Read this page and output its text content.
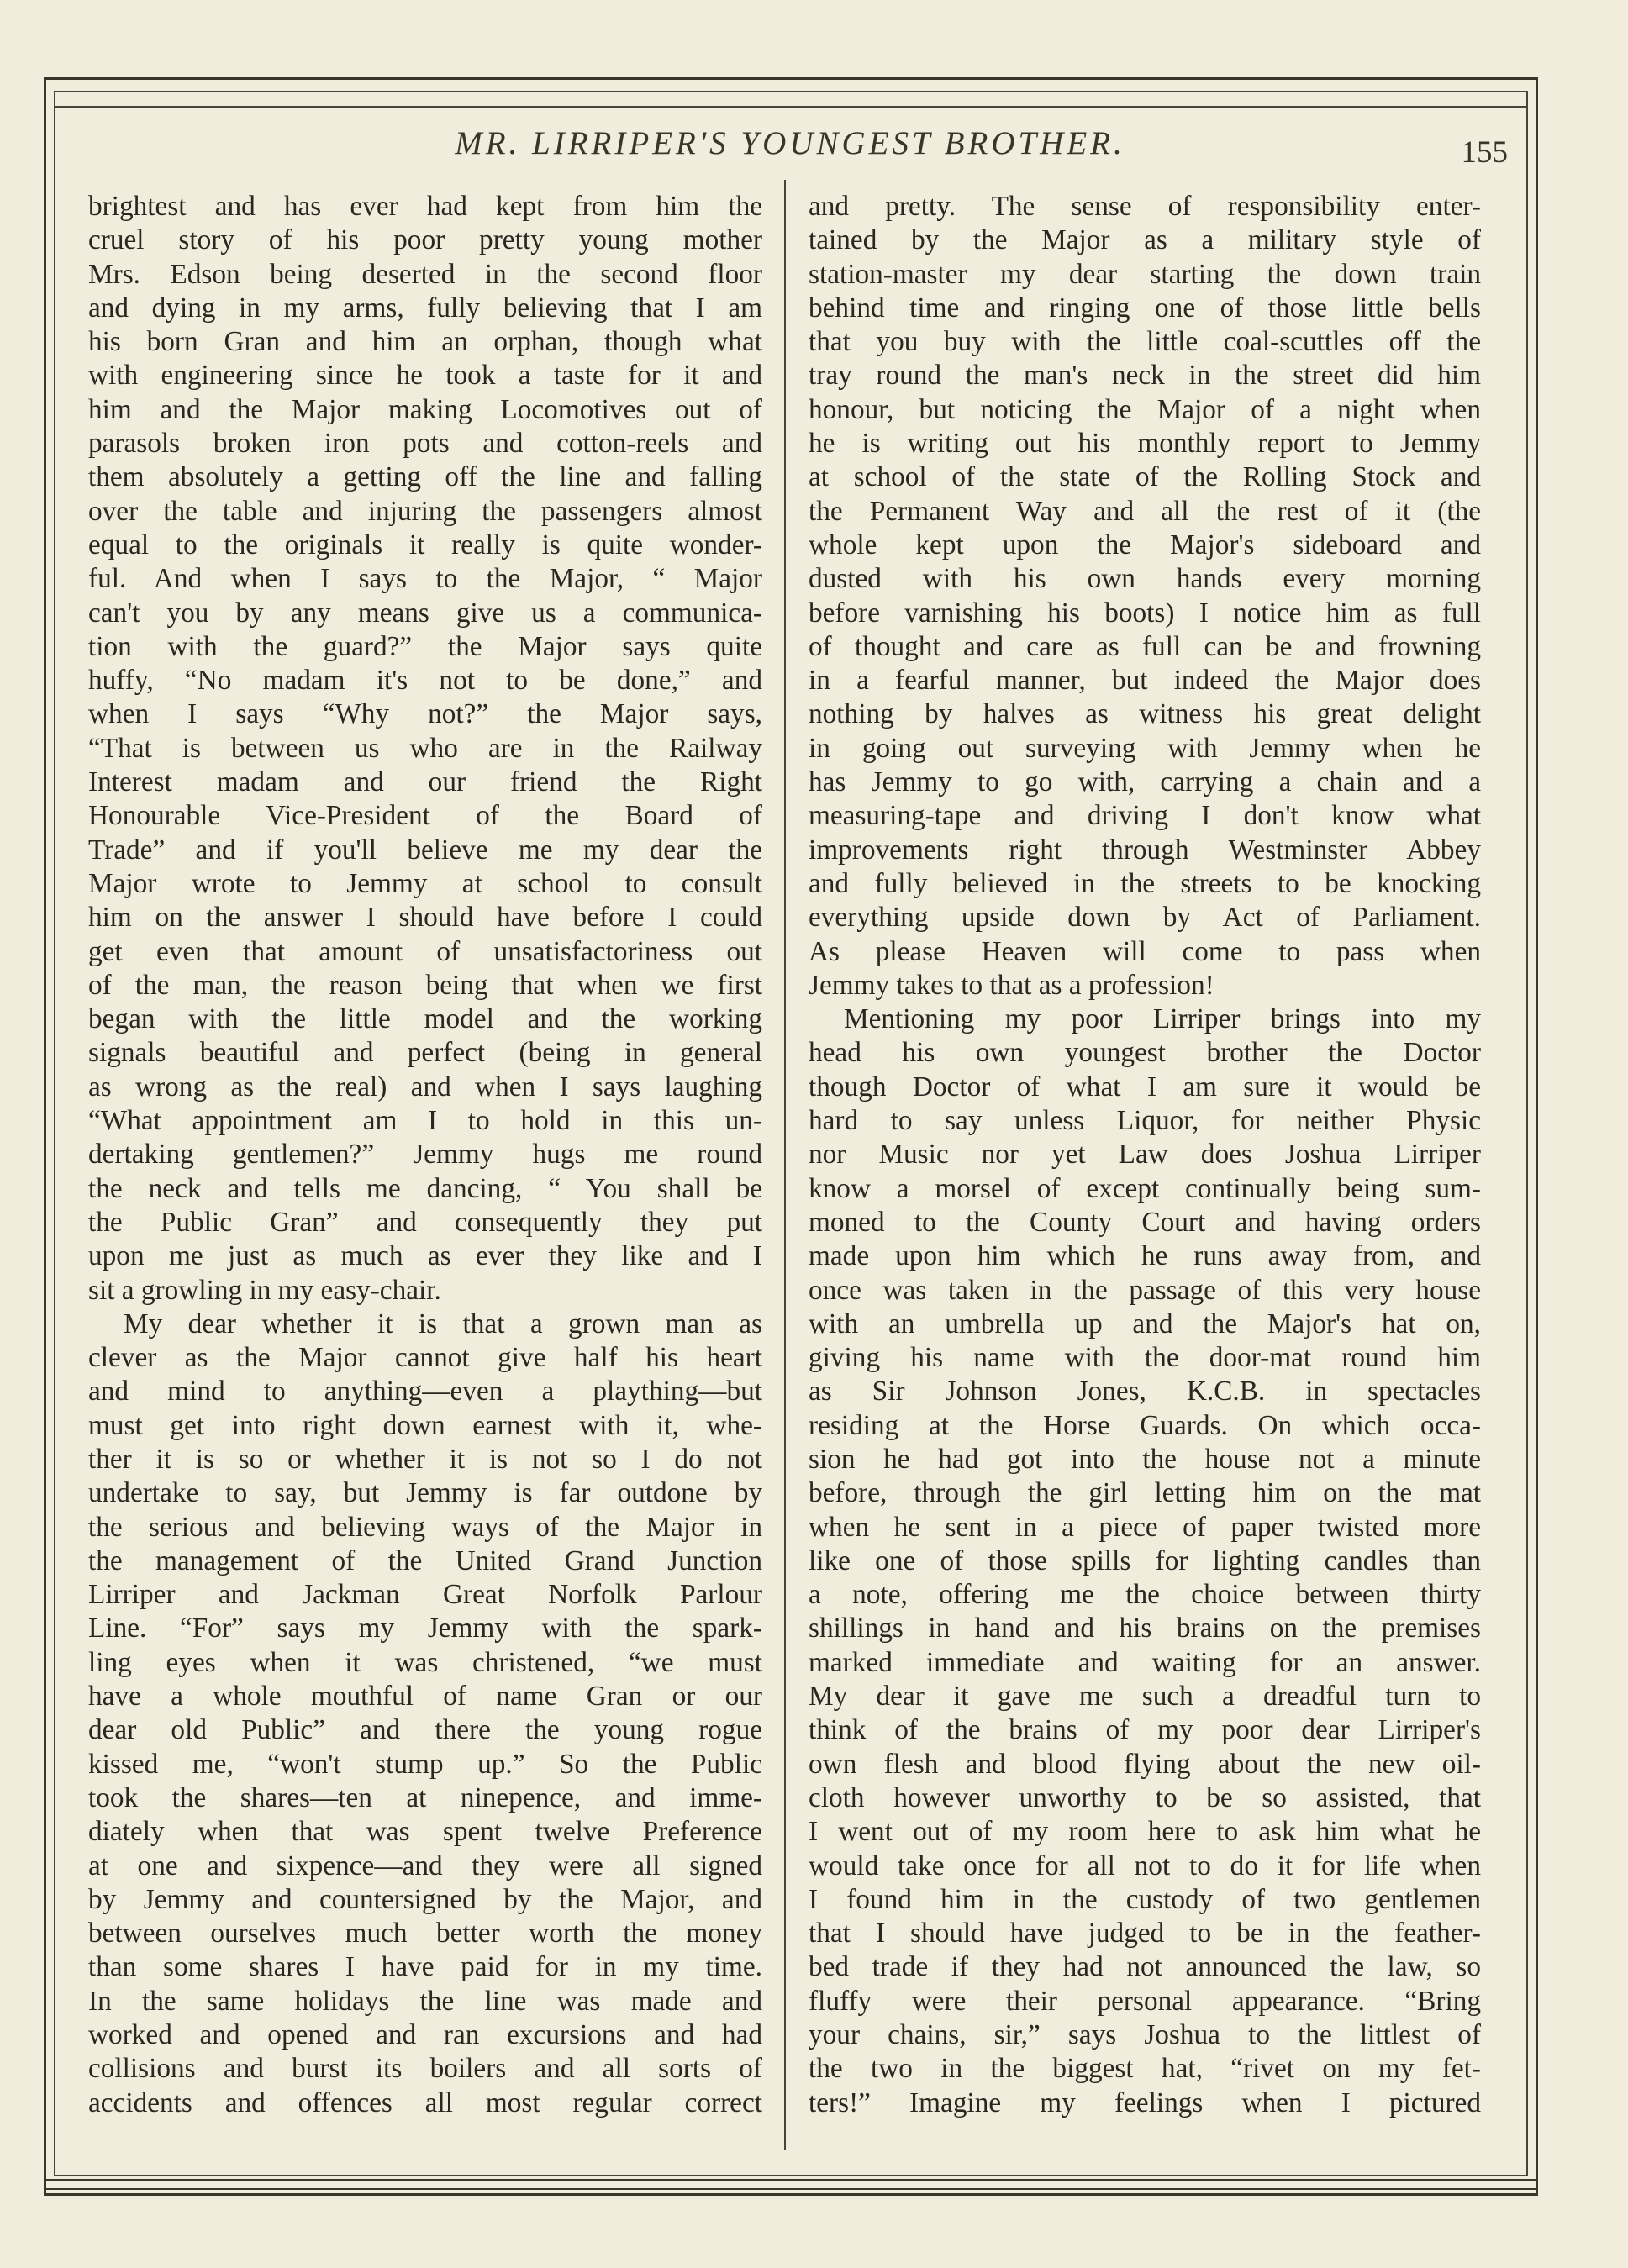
MR. LIRRIPER'S YOUNGEST BROTHER.	155
brightest and has ever had kept from him the
cruel story of his poor pretty young mother
Mrs. Edson being deserted in the second floor
and dying in my arms, fully believing that I am
his born Gran and him an orphan, though what
with engineering since he took a taste for it and
him and the Major making Locomotives out of
parasols broken iron pots and cotton-reels and
them absolutely a getting off the line and falling
over the table and injuring the passengers almost
equal to the originals it really is quite wonder-
ful. And when I says to the Major, “ Major
can't you by any means give us a communica-
tion with the guard?” the Major says quite
huffy, “No madam it's not to be done,” and
when I says “Why not?” the Major says,
“That is between us who are in the Railway
Interest madam and our friend the Right
Honourable Vice-President of the Board of
Trade” and if you'll believe me my dear the
Major wrote to Jemmy at school to consult
him on the answer I should have before I could
get even that amount of unsatisfactoriness out
of the man, the reason being that when we first
began with the little model and the working
signals beautiful and perfect (being in general
as wrong as the real) and when I says laughing
“What appointment am I to hold in this un-
dertaking gentlemen?” Jemmy hugs me round
the neck and tells me dancing, “ You shall be
the Public Gran” and consequently they put
upon me just as much as ever they like and I
sit a growling in my easy-chair.
My dear whether it is that a grown man as
clever as the Major cannot give half his heart
and mind to anything—even a plaything—but
must get into right down earnest with it, whe-
ther it is so or whether it is not so I do not
undertake to say, but Jemmy is far outdone by
the serious and believing ways of the Major in
the management of the United Grand Junction
Lirriper and Jackman Great Norfolk Parlour
Line. “For” says my Jemmy with the spark-
ling eyes when it was christened, “we must
have a whole mouthful of name Gran or our
dear old Public” and there the young rogue
kissed me, “won't stump up.” So the Public
took the shares—ten at ninepence, and imme-
diately when that was spent twelve Preference
at one and sixpence—and they were all signed
by Jemmy and countersigned by the Major, and
between ourselves much better worth the money
than some shares I have paid for in my time.
In the same holidays the line was made and
worked and opened and ran excursions and had
collisions and burst its boilers and all sorts of
accidents and offences all most regular correct
and pretty. The sense of responsibility enter-
tained by the Major as a military style of
station-master my dear starting the down train
behind time and ringing one of those little bells
that you buy with the little coal-scuttles off the
tray round the man's neck in the street did him
honour, but noticing the Major of a night when
he is writing out his monthly report to Jemmy
at school of the state of the Rolling Stock and
the Permanent Way and all the rest of it (the
whole kept upon the Major's sideboard and
dusted with his own hands every morning
before varnishing his boots) I notice him as full
of thought and care as full can be and frowning
in a fearful manner, but indeed the Major does
nothing by halves as witness his great delight
in going out surveying with Jemmy when he
has Jemmy to go with, carrying a chain and a
measuring-tape and driving I don't know what
improvements right through Westminster Abbey
and fully believed in the streets to be knocking
everything upside down by Act of Parliament.
As please Heaven will come to pass when
Jemmy takes to that as a profession!
Mentioning my poor Lirriper brings into my
head his own youngest brother the Doctor
though Doctor of what I am sure it would be
hard to say unless Liquor, for neither Physic
nor Music nor yet Law does Joshua Lirriper
know a morsel of except continually being sum-
moned to the County Court and having orders
made upon him which he runs away from, and
once was taken in the passage of this very house
with an umbrella up and the Major's hat on,
giving his name with the door-mat round him
as Sir Johnson Jones, K.C.B. in spectacles
residing at the Horse Guards. On which occa-
sion he had got into the house not a minute
before, through the girl letting him on the mat
when he sent in a piece of paper twisted more
like one of those spills for lighting candles than
a note, offering me the choice between thirty
shillings in hand and his brains on the premises
marked immediate and waiting for an answer.
My dear it gave me such a dreadful turn to
think of the brains of my poor dear Lirriper's
own flesh and blood flying about the new oil-
cloth however unworthy to be so assisted, that
I went out of my room here to ask him what he
would take once for all not to do it for life when
I found him in the custody of two gentlemen
that I should have judged to be in the feather-
bed trade if they had not announced the law, so
fluffy were their personal appearance. “Bring
your chains, sir,” says Joshua to the littlest of
the two in the biggest hat, “rivet on my fet-
ters!” Imagine my feelings when I pictured
